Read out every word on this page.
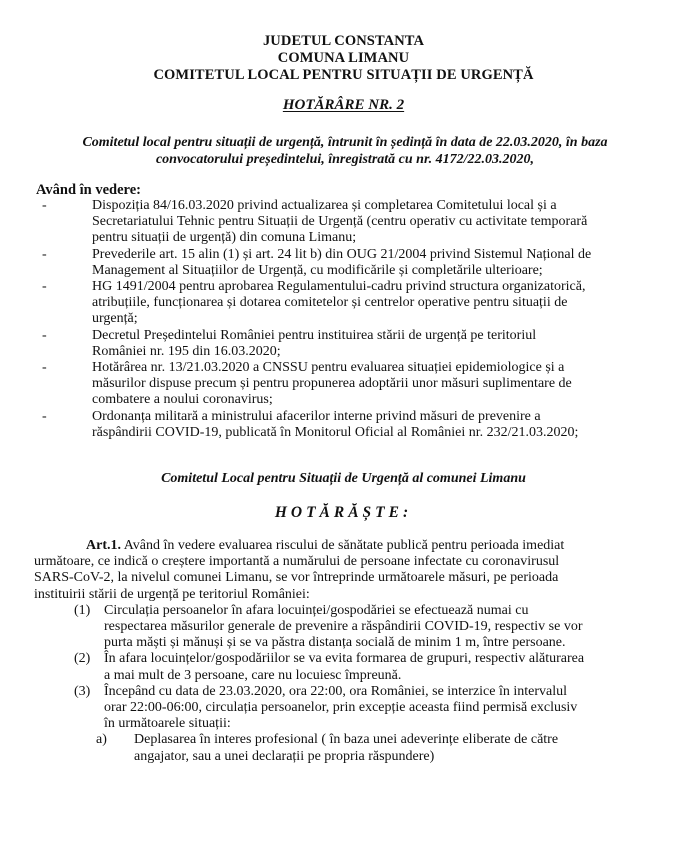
JUDETUL CONSTANTA
COMUNA LIMANU
COMITETUL LOCAL PENTRU SITUAȚII DE URGENȚĂ
HOTĂRÂRE NR. 2
Comitetul local pentru situații de urgență, întrunit în ședință în data de 22.03.2020, în baza
convocatorului președintelui, înregistrată cu nr. 4172/22.03.2020,
Având în vedere:
-	Dispoziția 84/16.03.2020 privind actualizarea și completarea Comitetului local și a
Secretariatului Tehnic pentru Situații de Urgență (centru operativ cu activitate temporară
pentru situații de urgență) din comuna Limanu;
-	Prevederile art. 15 alin (1) și art. 24 lit b) din OUG 21/2004 privind Sistemul Național de
Management al Situațiilor de Urgență, cu modificările și completările ulterioare;
-	HG 1491/2004 pentru aprobarea Regulamentului-cadru privind structura organizatorică,
atribuțiile, funcționarea și dotarea comitetelor și centrelor operative pentru situații de
urgență;
-	Decretul Președintelui României pentru instituirea stării de urgență pe teritoriul
României nr. 195 din 16.03.2020;
-	Hotărârea nr. 13/21.03.2020 a CNSSU pentru evaluarea situației epidemiologice și a
măsurilor dispuse precum și pentru propunerea adoptării unor măsuri suplimentare de
combatere a noului coronavirus;
-	Ordonanța militară a ministrului afacerilor interne privind măsuri de prevenire a
răspândirii COVID-19, publicată în Monitorul Oficial al României nr. 232/21.03.2020;
Comitetul Local pentru Situații de Urgență al comunei Limanu
HOTĂRĂȘTE:

Art.1. Având în vedere evaluarea riscului de sănătate publică pentru perioada imediat

următoare, ce indică o creștere importantă a numărului de persoane infectate cu coronavirusul
SARS-CoV-2, la nivelul comunei Limanu, se vor întreprinde următoarele măsuri, pe perioada
instituirii stării de urgență pe teritoriul României:
(1) Circulația persoanelor în afara locuinței/gospodăriei se efectuează numai cu
respectarea măsurilor generale de prevenire a răspândirii COVID-19, respectiv se vor
purta măști și mănuși și se va păstra distanța socială de minim 1 m, între persoane.
(2) În afara locuințelor/gospodăriilor se va evita formarea de grupuri, respectiv alăturarea
a mai mult de 3 persoane, care nu locuiesc împreună.
(3) Începând cu data de 23.03.2020, ora 22:00, ora României, se interzice în intervalul
orar 22:00-06:00, circulația persoanelor, prin excepție aceasta fiind permisă exclusiv
în următoarele situații:
a) Deplasarea în interes profesional ( în baza unei adeverințe eliberate de către
angajator, sau a unei declarații pe propria răspundere)
